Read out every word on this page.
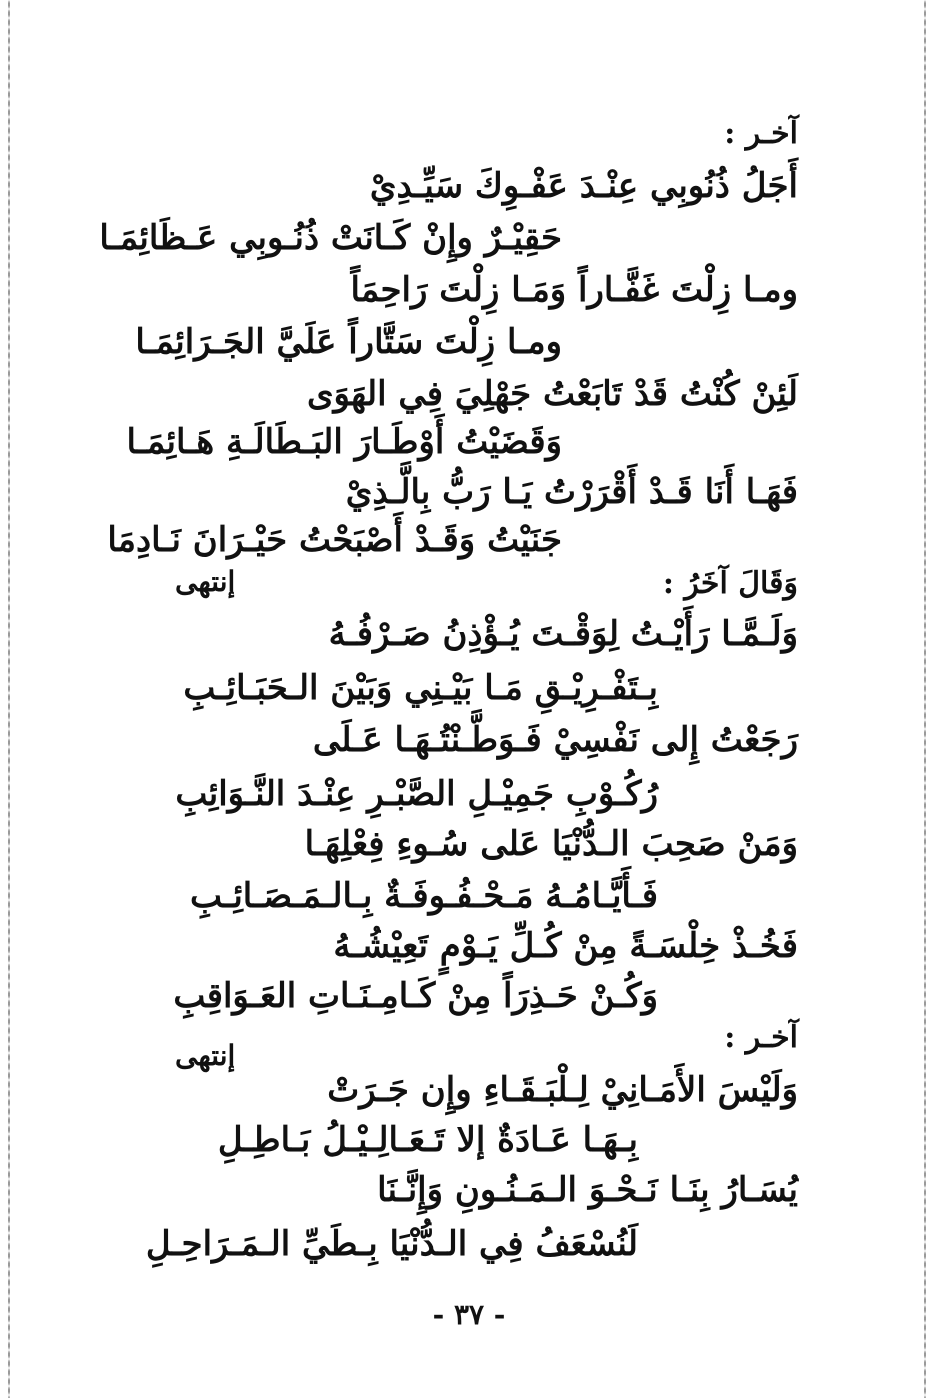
آخـر :
أَجَلُ ذُنُوبِي عِنْـدَ عَفْـوِكَ سَيِّـدِيْ
حَقِيْـرٌ وإِنْ كَـانَتْ ذُنُـوبِي عَـظَائِمَـا
ومـا زِلْتَ غَفَّـاراً وَمَـا زِلْتَ رَاحِمَاً
ومـا زِلْتَ سَتَّاراً عَلَيَّ الجَـرَائِمَـا
لَئِنْ كُنْتُ قَدْ تَابَعْتُ جَهْلِيَ فِي الهَوَى
وَقَضَيْتُ أَوْطَـارَ البَـطَالَـةِ هَـائِمَـا
فَهَـا أَنَا قَـدْ أَقْرَرْتُ يَـا رَبُّ بِالَّـذِيْ
جَنَيْتُ وَقَـدْ أَصْبَحْتُ حَيْـرَانَ نَـادِمَا
وَقَالَ آخَرُ :
إنتهى
وَلَـمَّـا رَأَيْـتُ لِوَقْـتَ يُـؤْذِنُ صَـرْفُـهُ
بِـتَفْـرِيْـقِ مَـا بَيْـنِي وَبَيْنَ الـحَبَـائِـبِ
رَجَعْتُ إِلى نَفْسِيْ فَـوَطَّـنْتُـهَـا عَـلَى
رُكُـوْبِ جَمِيْـلِ الصَّبْـرِ عِنْـدَ النَّـوَائِبِ
وَمَنْ صَحِبَ الـدُّنْيَا عَلى سُـوءِ فِعْلِهَـا
فَـأَيَّـامُـهُ مَـحْـفُـوفَـةٌ بِـالـمَـصَـائِـبِ
فَخُـذْ خِلْسَـةً مِنْ كُـلِّ يَـوْمٍ تَعِيْشُـهُ
وَكُـنْ حَـذِرَاً مِنْ كَـامِـنَـاتِ العَـوَاقِبِ
آخـر :
إنتهى
وَلَيْسَ الأَمَـانِيْ لِـلْبَـقَـاءِ وإِن جَـرَتْ
بِـهَـا عَـادَةٌ إلا تَـعَـالِـيْـلُ بَـاطِـلِ
يُسَـارُ بِنَـا نَـحْـوَ الـمَـنُـونِ وَإِنَّـنَا
لَنُسْعَفُ فِي الـدُّنْيَا بِـطَيِّ الـمَـرَاحِـلِ
- ٣٧ -
